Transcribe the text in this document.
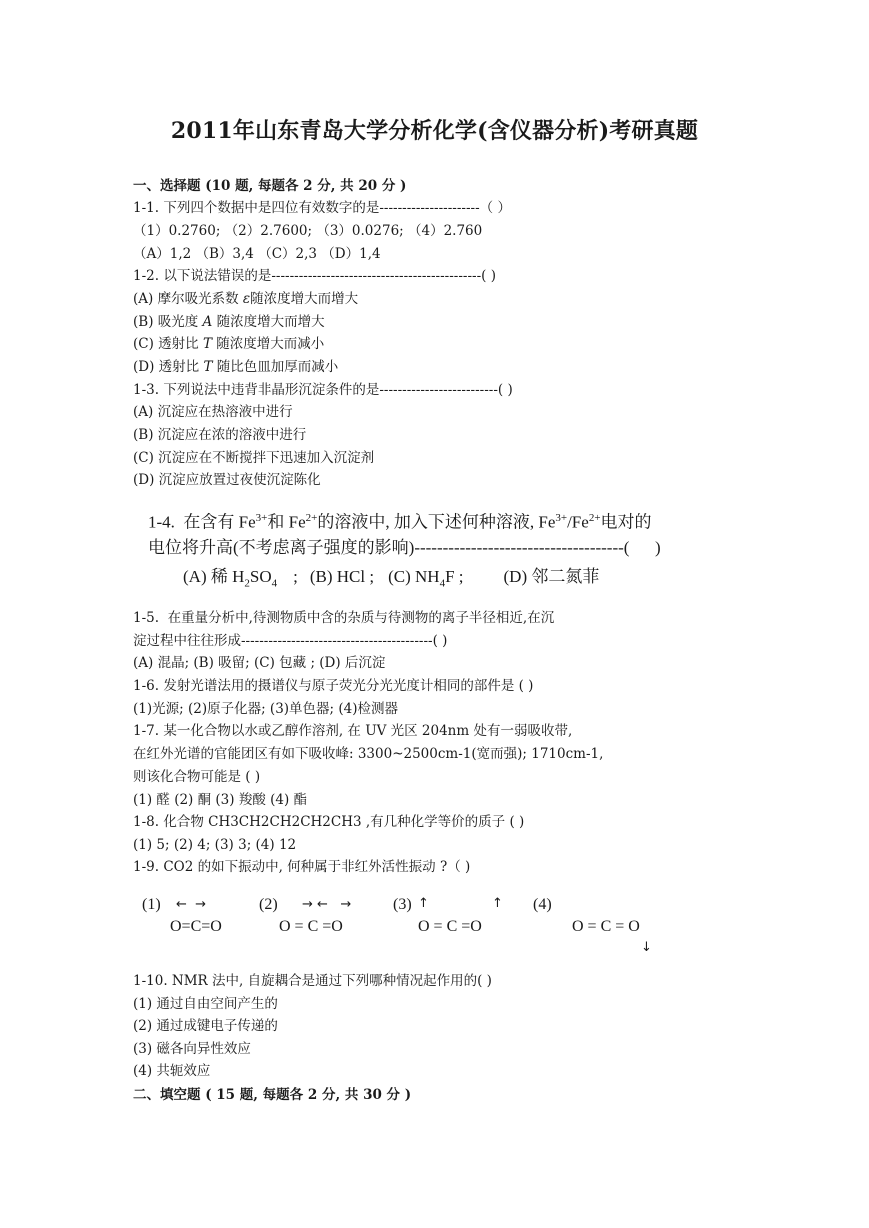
2011年山东青岛大学分析化学(含仪器分析)考研真题
一、选择题 (10 题, 每题各 2 分, 共 20 分 )
1-1. 下列四个数据中是四位有效数字的是----------------------（ ）
（1）0.2760; （2）2.7600; （3）0.0276; （4）2.760
（A）1,2 （B）3,4 （C）2,3 （D）1,4
1-2. 以下说法错误的是----------------------------------------------( )
(A) 摩尔吸光系数 ε随浓度增大而增大
(B) 吸光度 A 随浓度增大而增大
(C) 透射比 T 随浓度增大而减小
(D) 透射比 T 随比色皿加厚而减小
1-3. 下列说法中违背非晶形沉淀条件的是--------------------------( )
(A) 沉淀应在热溶液中进行
(B) 沉淀应在浓的溶液中进行
(C) 沉淀应在不断搅拌下迅速加入沉淀剂
(D) 沉淀应放置过夜使沉淀陈化
1-4.  在含有 $Fe^{3+}$和 $Fe^{2+}$的溶液中, 加入下述何种溶液, $Fe^{3+}/Fe^{2+}$电对的
电位将升高(不考虑离子强度的影响)-------------------------------------(      )
(A) 稀 $H_2SO_4$ ; (B) HCl ; (C) $NH_4F$ ; (D) 邻二氮菲
1-5.  在重量分析中,待测物质中含的杂质与待测物的离子半径相近,在沉
淀过程中往往形成------------------------------------------( )
(A) 混晶; (B) 吸留; (C) 包藏 ; (D) 后沉淀
1-6. 发射光谱法用的摄谱仪与原子荧光分光光度计相同的部件是 ( )
(1)光源; (2)原子化器; (3)单色器; (4)检测器
1-7. 某一化合物以水或乙醇作溶剂, 在 UV 光区 204nm 处有一弱吸收带,
在红外光谱的官能团区有如下吸收峰: 3300~2500cm-1(宽而强); 1710cm-1,
则该化合物可能是 ( )
(1) 醛 (2) 酮 (3) 羧酸 (4) 酯
1-8. 化合物 CH3CH2CH2CH2CH3 ,有几种化学等价的质子 ( )
(1) 5; (2) 4; (3) 3; (4) 12
1-9. CO2 的如下振动中, 何种属于非红外活性振动 ?（ )
(1) ←  →
O=C=O
(2) → ←   →
O = C =O
(3) ↑	↑
O = C =O
(4)
O = C = O
↓
1-10. NMR 法中, 自旋耦合是通过下列哪种情况起作用的( )
(1) 通过自由空间产生的
(2) 通过成键电子传递的
(3) 磁各向异性效应
(4) 共轭效应
二、填空题 ( 15 题, 每题各 2 分, 共 30 分 )
